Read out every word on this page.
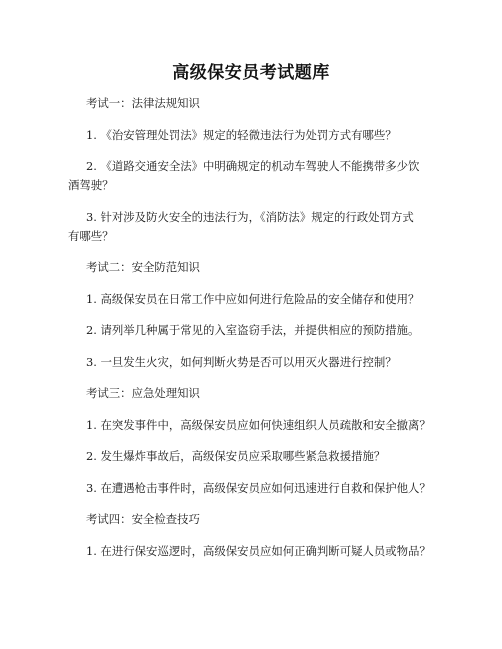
高级保安员考试题库

考试一：法律法规知识

1. 《治安管理处罚法》规定的轻微违法行为处罚方式有哪些？

2. 《道路交通安全法》中明确规定的机动车驾驶人不能携带多少饮
酒驾驶？

3. 针对涉及防火安全的违法行为，《消防法》规定的行政处罚方式
有哪些？

考试二：安全防范知识

1. 高级保安员在日常工作中应如何进行危险品的安全储存和使用？

2. 请列举几种属于常见的入室盗窃手法，并提供相应的预防措施。

3. 一旦发生火灾，如何判断火势是否可以用灭火器进行控制？

考试三：应急处理知识

1. 在突发事件中，高级保安员应如何快速组织人员疏散和安全撤离？

2. 发生爆炸事故后，高级保安员应采取哪些紧急救援措施？

3. 在遭遇枪击事件时，高级保安员应如何迅速进行自救和保护他人？

考试四：安全检查技巧

1. 在进行保安巡逻时，高级保安员应如何正确判断可疑人员或物品？
